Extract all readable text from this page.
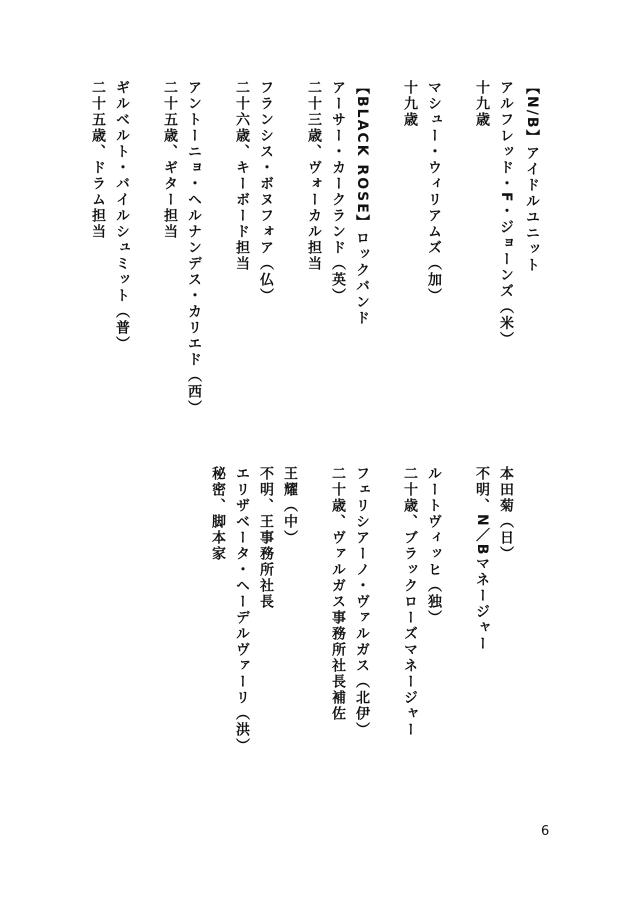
【N/B】アイドルユニット
アルフレッド・F・ジョーンズ（米）
十九歳
マシュー・ウィリアムズ（加）
十九歳
【BLACK ROSE】ロックバンド
アーサー・カークランド（英）
二十三歳、ヴォーカル担当
フランシス・ボヌフォア（仏）
二十六歳、キーボード担当
アントーニョ・ヘルナンデス・カリエド（西）
二十五歳、ギター担当
ギルベルト・バイルシュミット（普）
二十五歳、ドラム担当
本田菊（日）
不明、N／Bマネージャー
ルートヴィッヒ（独）
二十歳、ブラックローズマネージャー
フェリシアーノ・ヴァルガス（北伊）
二十歳、ヴァルガス事務所社長補佐
王耀（中）
不明、王事務所社長
エリザベータ・ヘーデルヴァーリ（洪）
秘密、脚本家
6
